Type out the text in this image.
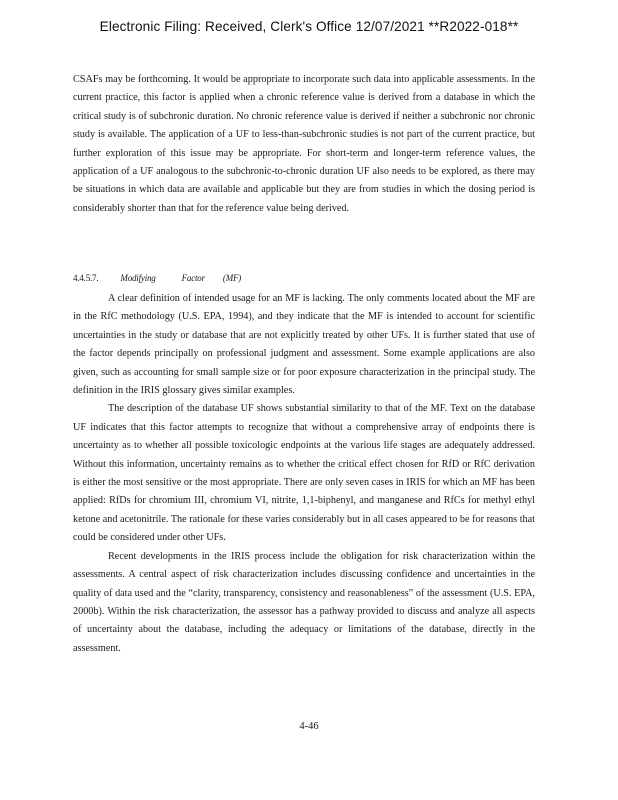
Electronic Filing: Received, Clerk's Office 12/07/2021 **R2022-018**

CSAFs may be forthcoming. It would be appropriate to incorporate such data into applicable assessments. In the current practice, this factor is applied when a chronic reference value is derived from a database in which the critical study is of subchronic duration. No chronic reference value is derived if neither a subchronic nor chronic study is available. The application of a UF to less-than-subchronic studies is not part of the current practice, but further exploration of this issue may be appropriate. For short-term and longer-term reference values, the application of a UF analogous to the subchronic-to-chronic duration UF also needs to be explored, as there may be situations in which data are available and applicable but they are from studies in which the dosing period is considerably shorter than that for the reference value being derived.

4.4.5.7. Modifying	Factor (MF)

A clear definition of intended usage for an MF is lacking. The only comments located about the MF are in the RfC methodology (U.S. EPA, 1994), and they indicate that the MF is intended to account for scientific uncertainties in the study or database that are not explicitly treated by other UFs. It is further stated that use of the factor depends principally on professional judgment and assessment. Some example applications are also given, such as accounting for small sample size or for poor exposure characterization in the principal study. The definition in the IRIS glossary gives similar examples.

The description of the database UF shows substantial similarity to that of the MF. Text on the database UF indicates that this factor attempts to recognize that without a comprehensive array of endpoints there is uncertainty as to whether all possible toxicologic endpoints at the various life stages are adequately addressed. Without this information, uncertainty remains as to whether the critical effect chosen for RfD or RfC derivation is either the most sensitive or the most appropriate. There are only seven cases in IRIS for which an MF has been applied: RfDs for chromium III, chromium VI, nitrite, 1,1-biphenyl, and manganese and RfCs for methyl ethyl ketone and acetonitrile. The rationale for these varies considerably but in all cases appeared to be for reasons that could be considered under other UFs.

Recent developments in the IRIS process include the obligation for risk characterization within the assessments. A central aspect of risk characterization includes discussing confidence and uncertainties in the quality of data used and the “clarity, transparency, consistency and reasonableness” of the assessment (U.S. EPA, 2000b). Within the risk characterization, the assessor has a pathway provided to discuss and analyze all aspects of uncertainty about the database, including the adequacy or limitations of the database, directly in the assessment.

4-46
